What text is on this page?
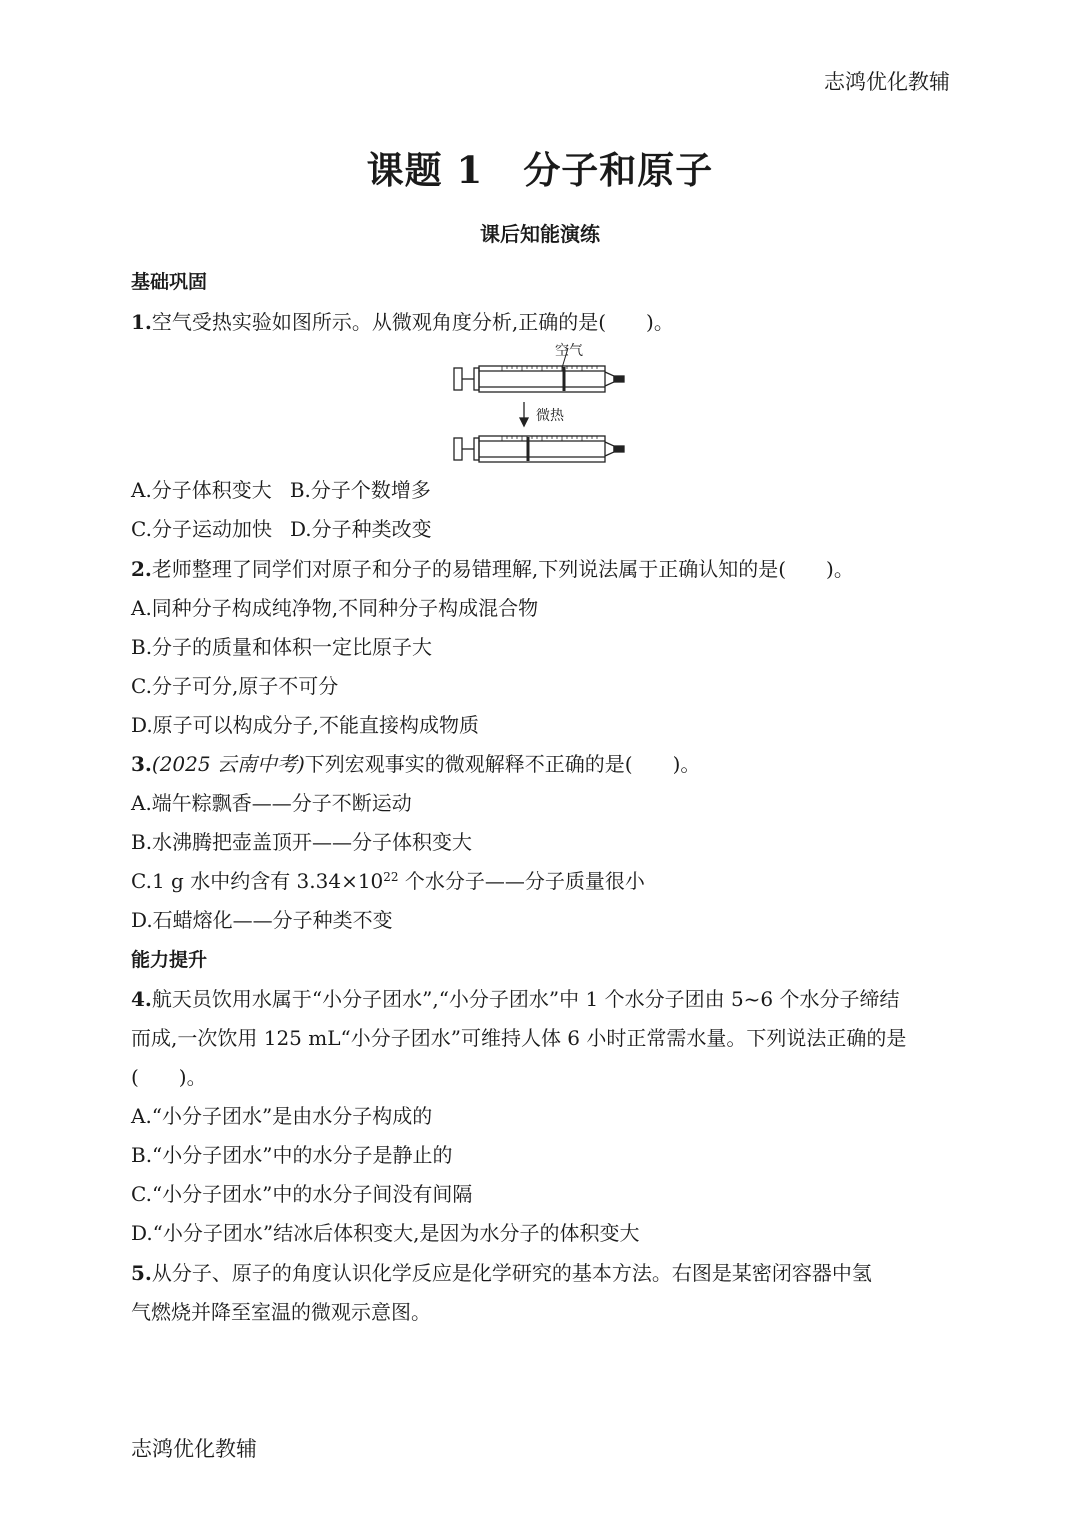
志鸿优化教辅
课题 1 分子和原子
课后知能演练
基础巩固
1.空气受热实验如图所示。从微观角度分析,正确的是(　　)。
空气
微热
A.分子体积变大 B.分子个数增多
C.分子运动加快 D.分子种类改变
2.老师整理了同学们对原子和分子的易错理解,下列说法属于正确认知的是(　　)。
A.同种分子构成纯净物,不同种分子构成混合物
B.分子的质量和体积一定比原子大
C.分子可分,原子不可分
D.原子可以构成分子,不能直接构成物质
3.(2025 云南中考)下列宏观事实的微观解释不正确的是(　　)。
A.端午粽飘香——分子不断运动
B.水沸腾把壶盖顶开——分子体积变大
C.1 g 水中约含有 $3.34\times 10^{22}$ 个水分子——分子质量很小
D.石蜡熔化——分子种类不变
能力提升
4.航天员饮用水属于“小分子团水”,“小分子团水”中 1 个水分子团由 5~6 个水分子缔结
而成,一次饮用 125 mL“小分子团水”可维持人体 6 小时正常需水量。下列说法正确的是
(　　)。
A.“小分子团水”是由水分子构成的
B.“小分子团水”中的水分子是静止的
C.“小分子团水”中的水分子间没有间隔
D.“小分子团水”结冰后体积变大,是因为水分子的体积变大
5.从分子、原子的角度认识化学反应是化学研究的基本方法。右图是某密闭容器中氢
气燃烧并降至室温的微观示意图。
志鸿优化教辅
